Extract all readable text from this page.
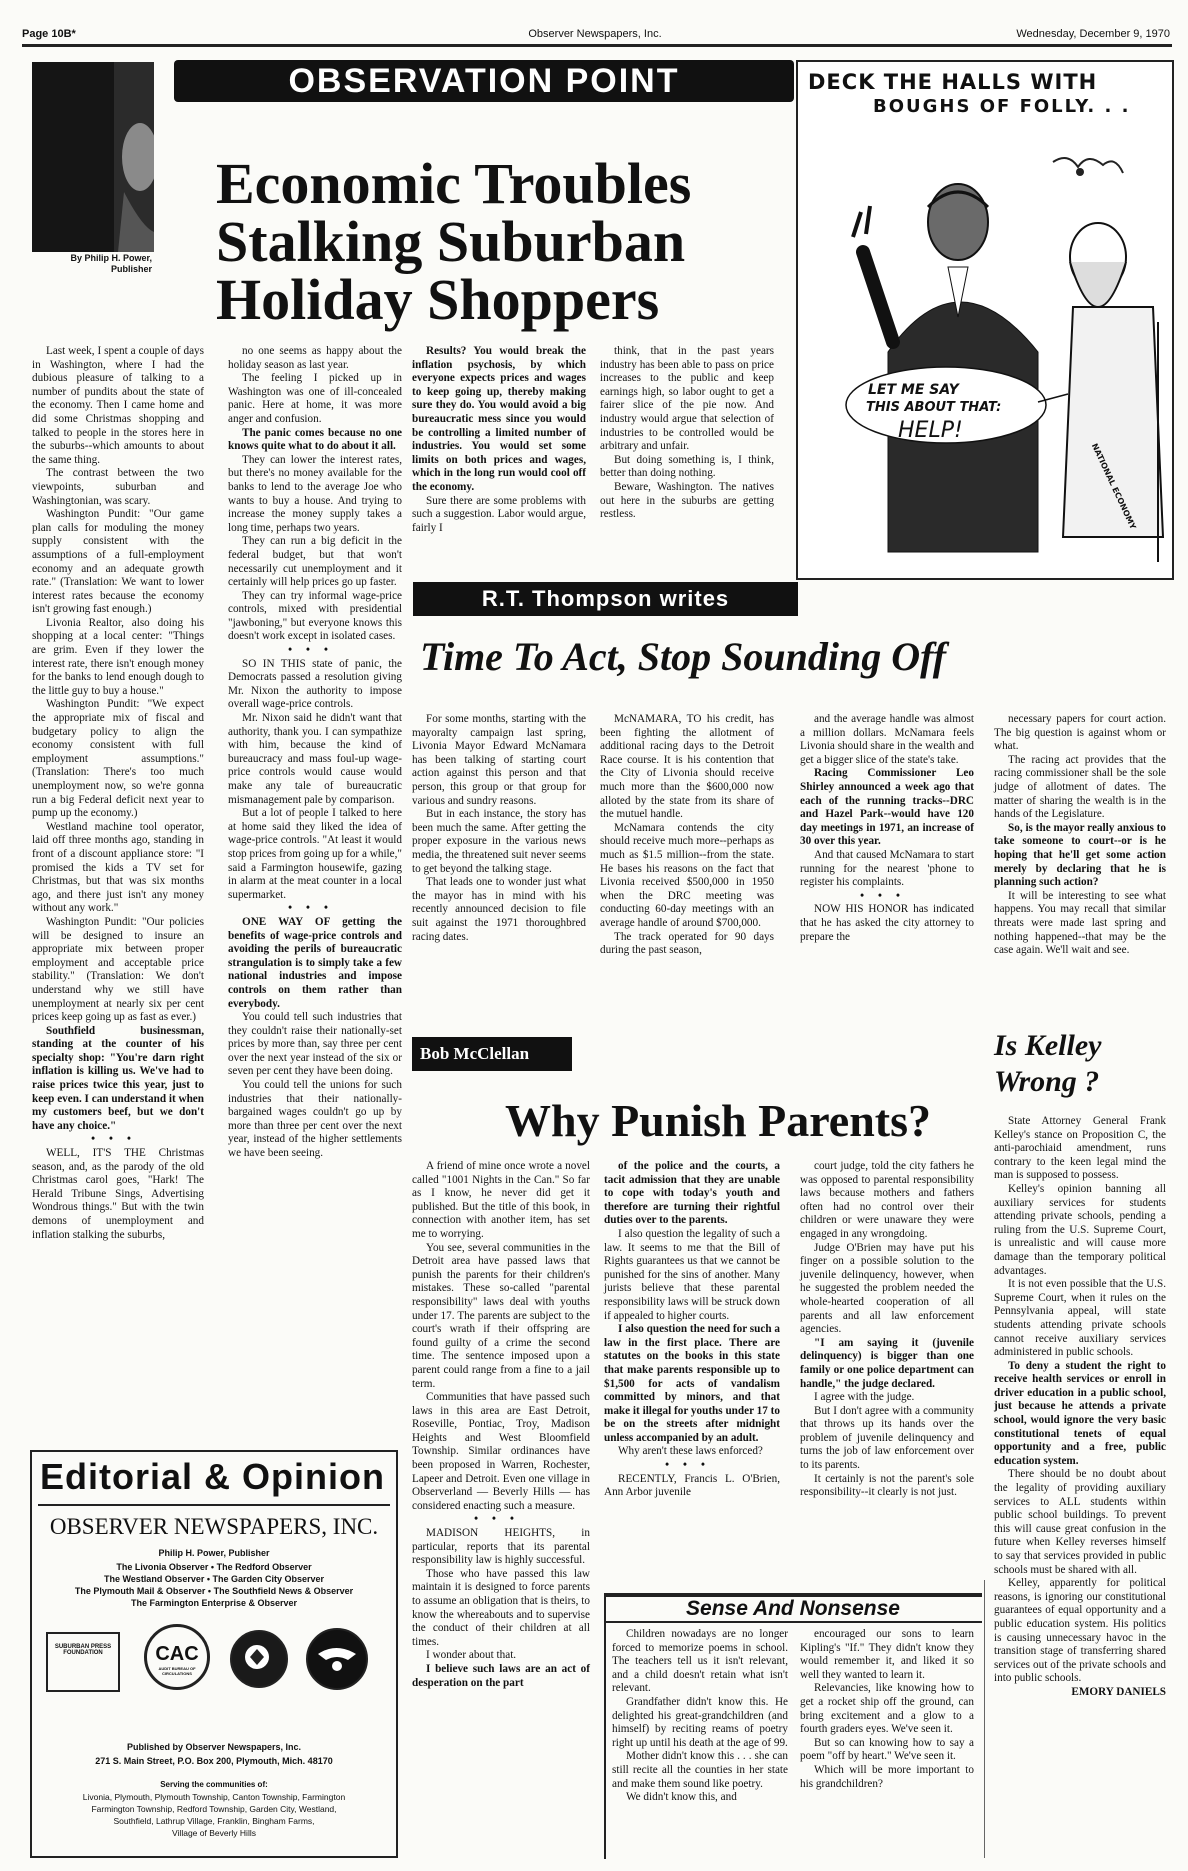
Page 10B*	Observer Newspapers, Inc.	Wednesday, December 9, 1970
By Philip H. Power,
Publisher
OBSERVATION POINT
Economic Troubles
Stalking Suburban
Holiday Shoppers

Last week, I spent a couple of days in Washington, where I had the dubious pleasure of talking to a number of pundits about the state of the economy. Then I came home and did some Christmas shopping and talked to people in the stores here in the suburbs--which amounts to about the same thing.

The contrast between the two viewpoints, suburban and Washingtonian, was scary.

Washington Pundit: "Our game plan calls for moduling the money supply consistent with the assumptions of a full-employment economy and an adequate growth rate." (Translation: We want to lower interest rates because the economy isn't growing fast enough.)

Livonia Realtor, also doing his shopping at a local center: "Things are grim. Even if they lower the interest rate, there isn't enough money for the banks to lend enough dough to the little guy to buy a house."

Washington Pundit: "We expect the appropriate mix of fiscal and budgetary policy to align the economy consistent with full employment assumptions." (Translation: There's too much unemployment now, so we're gonna run a big Federal deficit next year to pump up the economy.)

Westland machine tool operator, laid off three months ago, standing in front of a discount appliance store: "I promised the kids a TV set for Christmas, but that was six months ago, and there just isn't any money without any work."

Washington Pundit: "Our policies will be designed to insure an appropriate mix between proper employment and acceptable price stability." (Translation: We don't understand why we still have unemployment at nearly six per cent prices keep going up as fast as ever.)

Southfield businessman, standing at the counter of his specialty shop: "You're darn right inflation is killing us. We've had to raise prices twice this year, just to keep even. I can understand it when my customers beef, but we don't have any choice."

•••

WELL, IT'S THE Christmas season, and, as the parody of the old Christmas carol goes, "Hark! The Herald Tribune Sings, Advertising Wondrous things." But with the twin demons of unemployment and inflation stalking the suburbs,

no one seems as happy about the holiday season as last year.

The feeling I picked up in Washington was one of ill-concealed panic. Here at home, it was more anger and confusion.

The panic comes because no one knows quite what to do about it all.

They can lower the interest rates, but there's no money available for the banks to lend to the average Joe who wants to buy a house. And trying to increase the money supply takes a long time, perhaps two years.

They can run a big deficit in the federal budget, but that won't necessarily cut unemployment and it certainly will help prices go up faster.

They can try informal wage-price controls, mixed with presidential "jawboning," but everyone knows this doesn't work except in isolated cases.

•••

SO IN THIS state of panic, the Democrats passed a resolution giving Mr. Nixon the authority to impose overall wage-price controls.

Mr. Nixon said he didn't want that authority, thank you. I can sympathize with him, because the kind of bureaucracy and mass foul-up wage-price controls would cause would make any tale of bureaucratic mismanagement pale by comparison.

But a lot of people I talked to here at home said they liked the idea of wage-price controls. "At least it would stop prices from going up for a while," said a Farmington housewife, gazing in alarm at the meat counter in a local supermarket.

•••

ONE WAY OF getting the benefits of wage-price controls and avoiding the perils of bureaucratic strangulation is to simply take a few national industries and impose controls on them rather than everybody.

You could tell such industries that they couldn't raise their nationally-set prices by more than, say three per cent over the next year instead of the six or seven per cent they have been doing.

You could tell the unions for such industries that their nationally-bargained wages couldn't go up by more than three per cent over the next year, instead of the higher settlements we have been seeing.

Results? You would break the inflation psychosis, by which everyone expects prices and wages to keep going up, thereby making sure they do. You would avoid a big bureaucratic mess since you would be controlling a limited number of industries. You would set some limits on both prices and wages, which in the long run would cool off the economy.

Sure there are some problems with such a suggestion. Labor would argue, fairly I

think, that in the past years industry has been able to pass on price increases to the public and keep earnings high, so labor ought to get a fairer slice of the pie now. And industry would argue that selection of industries to be controlled would be arbitrary and unfair.

But doing something is, I think, better than doing nothing.

Beware, Washington. The natives out here in the suburbs are getting restless.

DECK THE HALLS WITH
BOUGHS OF FOLLY. . .
LET ME SAY
THIS ABOUT THAT:
HELP!
NATIONAL ECONOMY
R.T. Thompson writes
Time To Act, Stop Sounding Off

For some months, starting with the mayoralty campaign last spring, Livonia Mayor Edward McNamara has been talking of starting court action against this person and that person, this group or that group for various and sundry reasons.

But in each instance, the story has been much the same. After getting the proper exposure in the various news media, the threatened suit never seems to get beyond the talking stage.

That leads one to wonder just what the mayor has in mind with his recently announced decision to file suit against the 1971 thoroughbred racing dates.

McNAMARA, TO his credit, has been fighting the allotment of additional racing days to the Detroit Race course. It is his contention that the City of Livonia should receive much more than the $600,000 now alloted by the state from its share of the mutuel handle.

McNamara contends the city should receive much more--perhaps as much as $1.5 million--from the state. He bases his reasons on the fact that Livonia received $500,000 in 1950 when the DRC meeting was conducting 60-day meetings with an average handle of around $700,000.

The track operated for 90 days during the past season,

and the average handle was almost a million dollars. McNamara feels Livonia should share in the wealth and get a bigger slice of the state's take.

Racing Commissioner Leo Shirley announced a week ago that each of the running tracks--DRC and Hazel Park--would have 120 day meetings in 1971, an increase of 30 over this year.

And that caused McNamara to start running for the nearest 'phone to register his complaints.

•••

NOW HIS HONOR has indicated that he has asked the city attorney to prepare the

necessary papers for court action. The big question is against whom or what.

The racing act provides that the racing commissioner shall be the sole judge of allotment of dates. The matter of sharing the wealth is in the hands of the Legislature.

So, is the mayor really anxious to take someone to court--or is he hoping that he'll get some action merely by declaring that he is planning such action?

It will be interesting to see what happens. You may recall that similar threats were made last spring and nothing happened--that may be the case again. We'll wait and see.

Is Kelley
Wrong ?

State Attorney General Frank Kelley's stance on Proposition C, the anti-parochiaid amendment, runs contrary to the keen legal mind the man is supposed to possess.

Kelley's opinion banning all auxiliary services for students attending private schools, pending a ruling from the U.S. Supreme Court, is unrealistic and will cause more damage than the temporary political advantages.

It is not even possible that the U.S. Supreme Court, when it rules on the Pennsylvania appeal, will state students attending private schools cannot receive auxiliary services administered in public schools.

To deny a student the right to receive health services or enroll in driver education in a public school, just because he attends a private school, would ignore the very basic constitutional tenets of equal opportunity and a free, public education system.

There should be no doubt about the legality of providing auxiliary services to ALL students within public school buildings. To prevent this will cause great confusion in the future when Kelley reverses himself to say that services provided in public schools must be shared with all.

Kelley, apparently for political reasons, is ignoring our constitutional guarantees of equal opportunity and a public education system. His politics is causing unnecessary havoc in the transition stage of transferring shared services out of the private schools and into public schools.

EMORY DANIELS

Bob McClellan
Why Punish Parents?

A friend of mine once wrote a novel called "1001 Nights in the Can." So far as I know, he never did get it published. But the title of this book, in connection with another item, has set me to worrying.

You see, several communities in the Detroit area have passed laws that punish the parents for their children's mistakes. These so-called "parental responsibility" laws deal with youths under 17. The parents are subject to the court's wrath if their offspring are found guilty of a crime the second time. The sentence imposed upon a parent could range from a fine to a jail term.

Communities that have passed such laws in this area are East Detroit, Roseville, Pontiac, Troy, Madison Heights and West Bloomfield Township. Similar ordinances have been proposed in Warren, Rochester, Lapeer and Detroit. Even one village in Observerland — Beverly Hills — has considered enacting such a measure.

•••

MADISON HEIGHTS, in particular, reports that its parental responsibility law is highly successful.

Those who have passed this law maintain it is designed to force parents to assume an obligation that is theirs, to know the whereabouts and to supervise the conduct of their children at all times.

I wonder about that.

I believe such laws are an act of desperation on the part

of the police and the courts, a tacit admission that they are unable to cope with today's youth and therefore are turning their rightful duties over to the parents.

I also question the legality of such a law. It seems to me that the Bill of Rights guarantees us that we cannot be punished for the sins of another. Many jurists believe that these parental responsibility laws will be struck down if appealed to higher courts.

I also question the need for such a law in the first place. There are statutes on the books in this state that make parents responsible up to $1,500 for acts of vandalism committed by minors, and that make it illegal for youths under 17 to be on the streets after midnight unless accompanied by an adult.

Why aren't these laws enforced?

•••

RECENTLY, Francis L. O'Brien, Ann Arbor juvenile

court judge, told the city fathers he was opposed to parental responsibility laws because mothers and fathers often had no control over their children or were unaware they were engaged in any wrongdoing.

Judge O'Brien may have put his finger on a possible solution to the juvenile delinquency, however, when he suggested the problem needed the whole-hearted cooperation of all parents and all law enforcement agencies.

"I am saying it (juvenile delinquency) is bigger than one family or one police department can handle," the judge declared.

I agree with the judge.

But I don't agree with a community that throws up its hands over the problem of juvenile delinquency and turns the job of law enforcement over to its parents.

It certainly is not the parent's sole responsibility--it clearly is not just.

Editorial & Opinion
OBSERVER NEWSPAPERS, INC.
Philip H. Power, Publisher
The Livonia Observer • The Redford Observer
The Westland Observer • The Garden City Observer
The Plymouth Mail & Observer • The Southfield News & Observer
The Farmington Enterprise & Observer
SUBURBAN PRESS FOUNDATION	CAC
AUDIT BUREAU OF CIRCULATIONS
Published by Observer Newspapers, Inc.
271 S. Main Street, P.O. Box 200, Plymouth, Mich. 48170
Serving the communities of:
Livonia, Plymouth, Plymouth Township, Canton Township, Farmington
Farmington Township, Redford Township, Garden City, Westland,
Southfield, Lathrup Village, Franklin, Bingham Farms,
Village of Beverly Hills
Sense And Nonsense

Children nowadays are no longer forced to memorize poems in school. The teachers tell us it isn't relevant, and a child doesn't retain what isn't relevant.

Grandfather didn't know this. He delighted his great-grandchildren (and himself) by reciting reams of poetry right up until his death at the age of 99.

Mother didn't know this . . . she can still recite all the counties in her state and make them sound like poetry.

We didn't know this, and

encouraged our sons to learn Kipling's "If." They didn't know they would remember it, and liked it so well they wanted to learn it.

Relevancies, like knowing how to get a rocket ship off the ground, can bring excitement and a glow to a fourth graders eyes. We've seen it.

But so can knowing how to say a poem "off by heart." We've seen it.

Which will be more important to his grandchildren?
